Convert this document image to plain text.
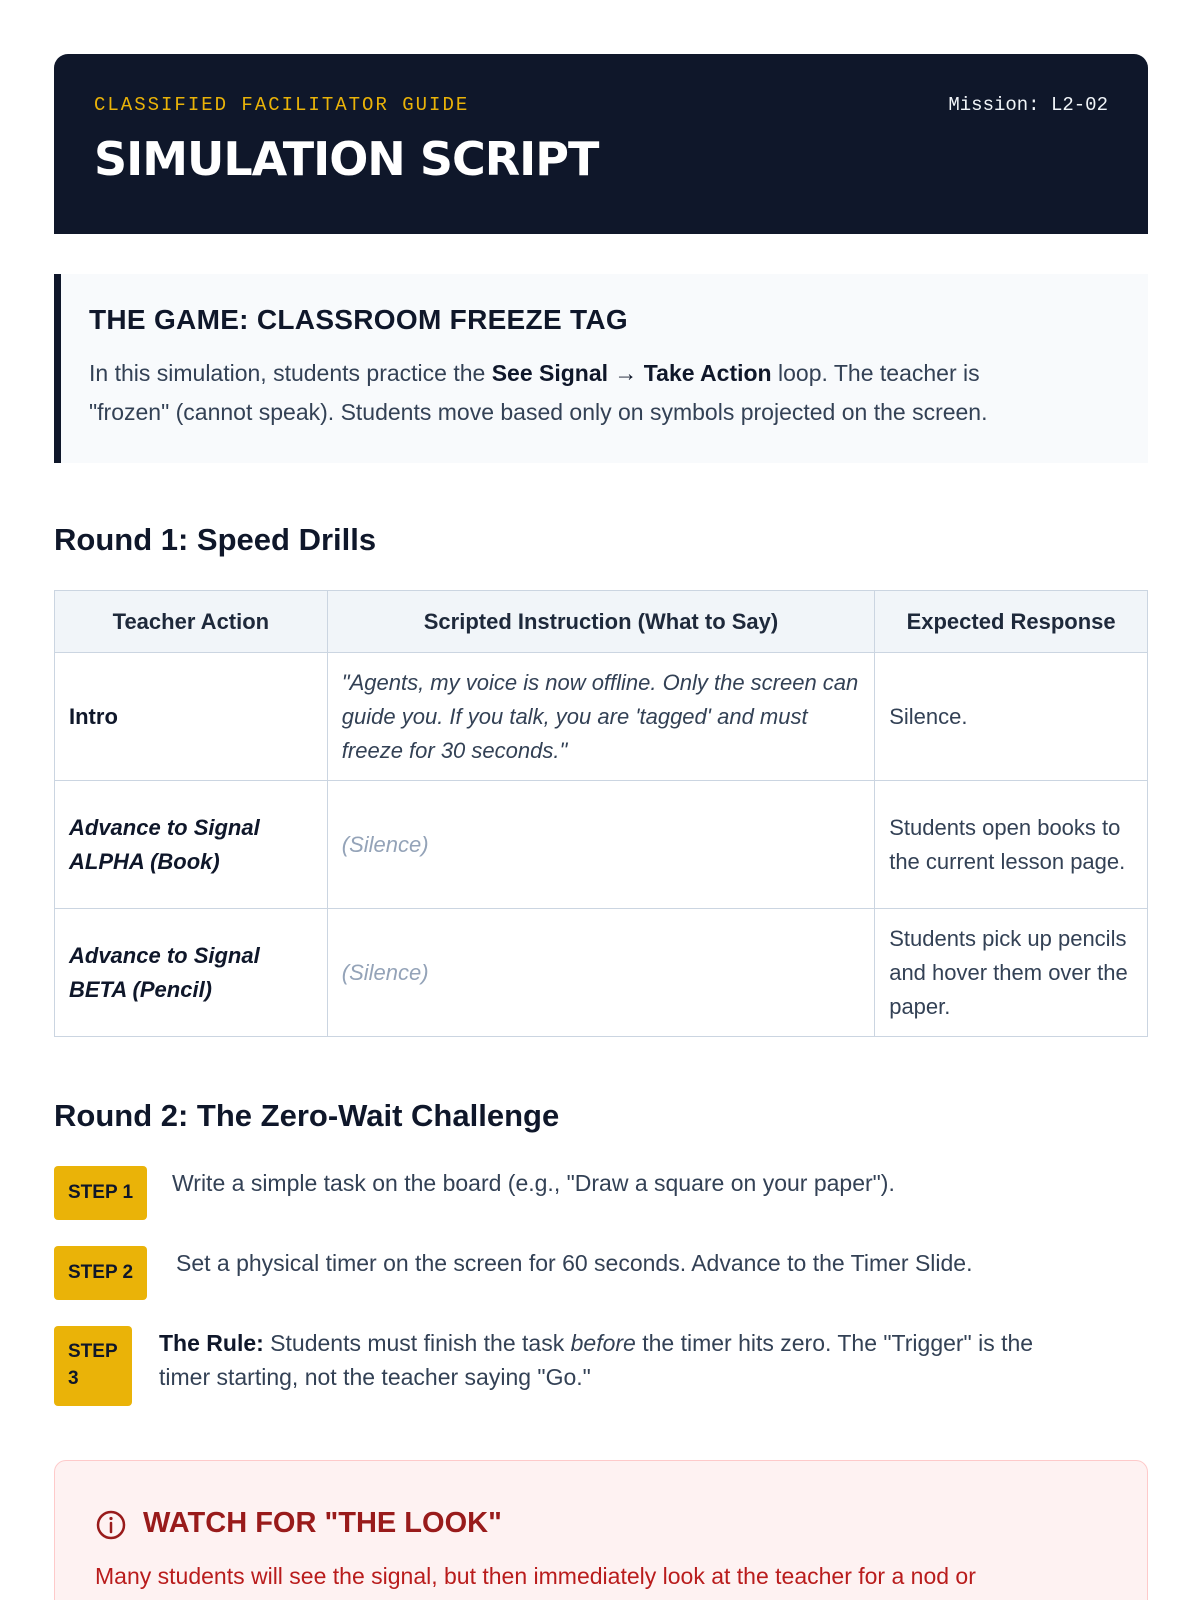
CLASSIFIED FACILITATOR GUIDE	Mission: L2-02
SIMULATION SCRIPT
THE GAME: CLASSROOM FREEZE TAG
In this simulation, students practice the See Signal → Take Action loop. The teacher is
"frozen" (cannot speak). Students move based only on symbols projected on the screen.
Round 1: Speed Drills
Teacher Action	Scripted Instruction (What to Say)	Expected Response
Intro	"Agents, my voice is now offline. Only the screen can guide you. If you talk, you are 'tagged' and must freeze for 30 seconds."	Silence.
Advance to Signal ALPHA (Book)	(Silence)	Students open books to the current lesson page.
Advance to Signal BETA (Pencil)	(Silence)	Students pick up pencils and hover them over the paper.
Round 2: The Zero-Wait Challenge
STEP 1	Write a simple task on the board (e.g., "Draw a square on your paper").
STEP 2	Set a physical timer on the screen for 60 seconds. Advance to the Timer Slide.
STEP
3
The Rule: Students must finish the task before the timer hits zero. The "Trigger" is the
timer starting, not the teacher saying "Go."
WATCH FOR "THE LOOK"
Many students will see the signal, but then immediately look at the teacher for a nod or
